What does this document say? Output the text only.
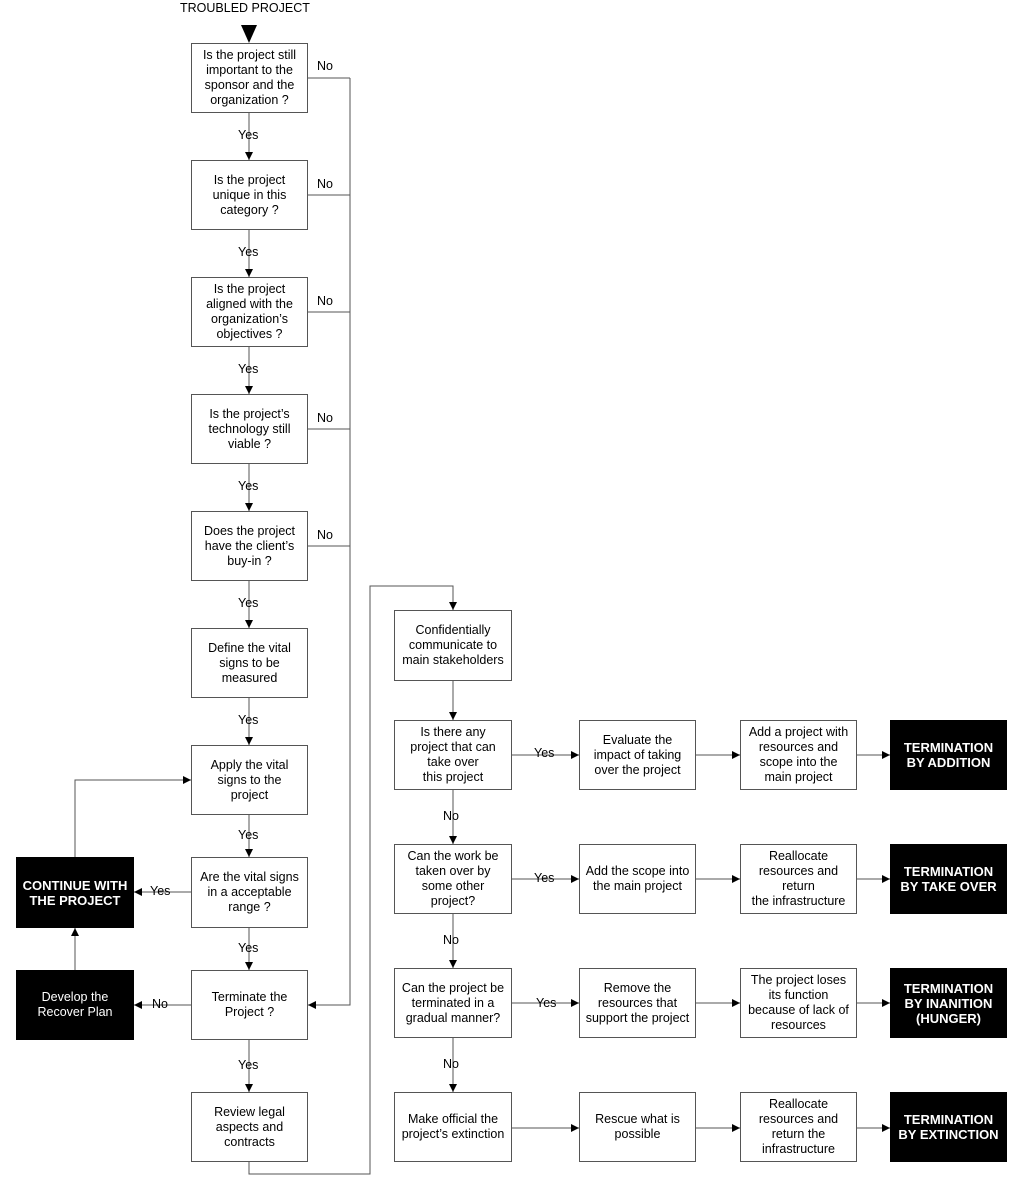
TROUBLED PROJECT
Is the project still
important to the
sponsor and the
organization ?
Is the project
unique in this
category ?
Is the project
aligned with the
organization’s
objectives ?
Is the project’s
technology still
viable ?
Does the project
have the client’s
buy-in ?
Define the vital
signs to be
measured
Apply the vital
signs to the
project
Are the vital signs
in a acceptable
range ?
Terminate the
Project ?
Review legal
aspects and
contracts
CONTINUE WITH
THE PROJECT
Develop the
Recover Plan
Yes
Yes
Yes
Yes
Yes
Yes
Yes
Yes
Yes
No
No
No
No
No
Yes
No
Confidentially
communicate to
main stakeholders
Is there any
project that can
take over
this project
Evaluate the
impact of taking
over the project
Add a project with
resources and
scope into the
main project
TERMINATION
BY ADDITION
Can the work be
taken over by
some other
project?
Add the scope into
the main project
Reallocate
resources and
return
the infrastructure
TERMINATION
BY TAKE OVER
Can the project be
terminated in a
gradual manner?
Remove the
resources that
support the project
The project loses
its function
because of lack of
resources
TERMINATION
BY INANITION
(HUNGER)
Make official the
project’s extinction
Rescue what is
possible
Reallocate
resources and
return the
infrastructure
TERMINATION
BY EXTINCTION
Yes
Yes
Yes
No
No
No
